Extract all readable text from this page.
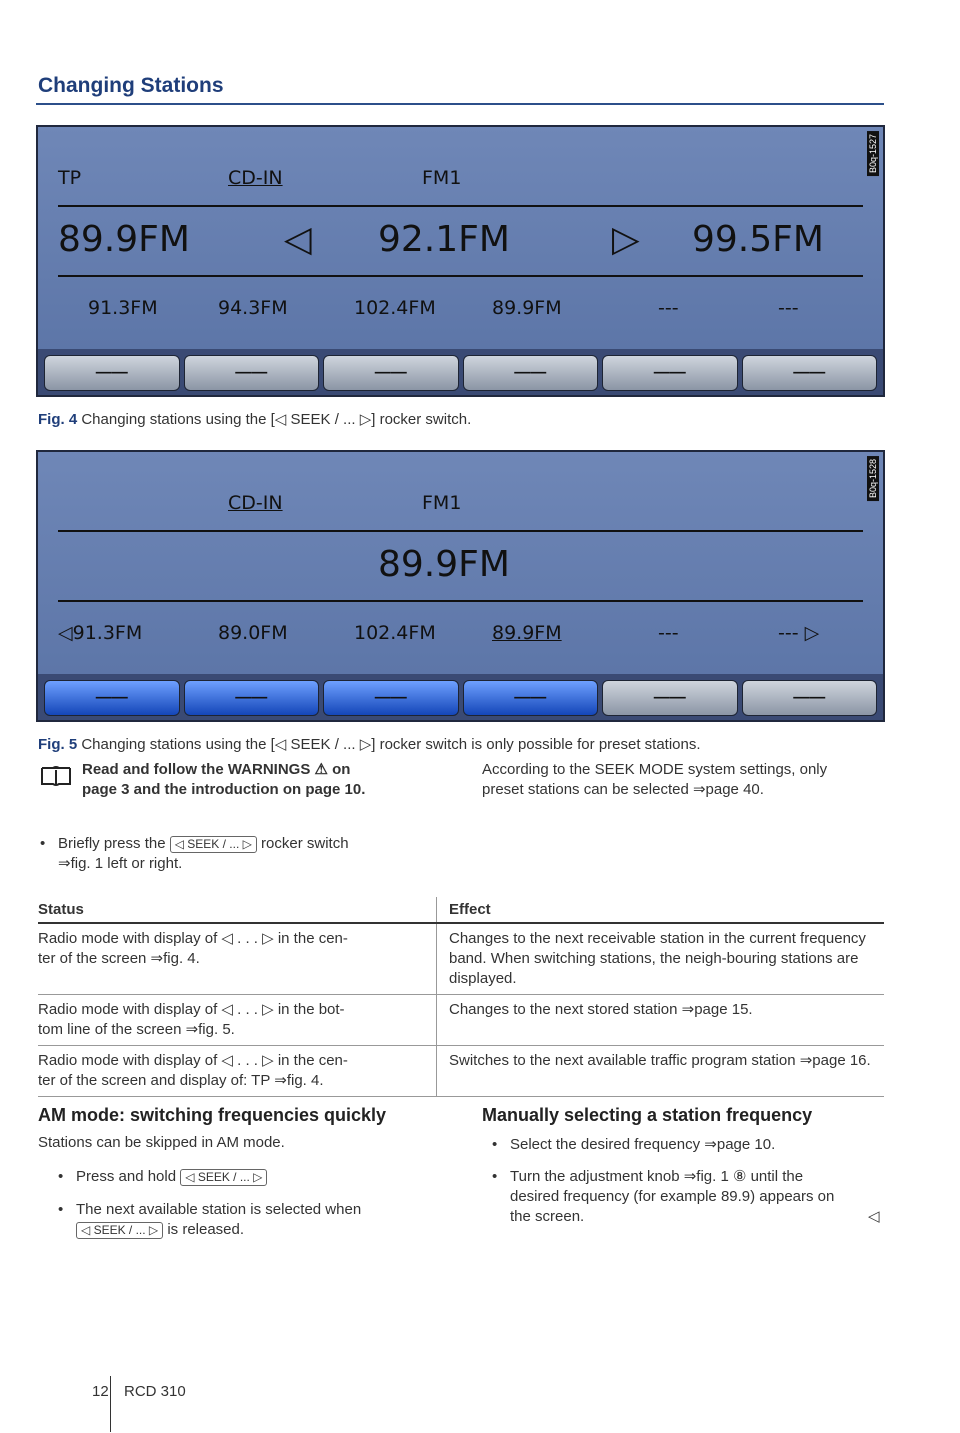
Changing Stations
TP	CD-IN	FM1
89.9FM	◁ 92.1FM	▷ 99.5FM
91.3FM	94.3FM	102.4FM	89.9FM	---	---
——	——	——	——	——	——
B0q-1527
Fig. 4 Changing stations using the [◁ SEEK / ... ▷] rocker switch.
CD-IN	FM1
89.9FM
◁91.3FM	89.0FM	102.4FM	89.9FM	---	--- ▷
——	——	——	——	——	——
B0q-1528
Fig. 5 Changing stations using the [◁ SEEK / ... ▷] rocker switch is only possible for preset stations.
Read and follow the WARNINGS ⚠ on
page 3 and the introduction on page 10.
According to the SEEK MODE system settings, only
preset stations can be selected ⇒page 40.
• Briefly press the ◁ SEEK / ... ▷ rocker switch
⇒fig. 1 left or right.
Status	Effect
Radio mode with display of ◁ . . . ▷ in the cen-
ter of the screen ⇒fig. 4.	Changes to the next receivable station in the current frequency band. When switching stations, the neigh-bouring stations are displayed.
Radio mode with display of ◁ . . . ▷ in the bot-
tom line of the screen ⇒fig. 5.	Changes to the next stored station ⇒page 15.
Radio mode with display of ◁ . . . ▷ in the cen-
ter of the screen and display of: TP ⇒fig. 4.	Switches to the next available traffic program station ⇒page 16.
AM mode: switching frequencies quickly
Stations can be skipped in AM mode.
• Press and hold ◁ SEEK / ... ▷
• The next available station is selected when
◁ SEEK / ... ▷ is released.
Manually selecting a station frequency
• Select the desired frequency ⇒page 10.
• Turn the adjustment knob ⇒fig. 1 ⑧ until the
desired frequency (for example 89.9) appears on
the screen.	◁
12 RCD 310
